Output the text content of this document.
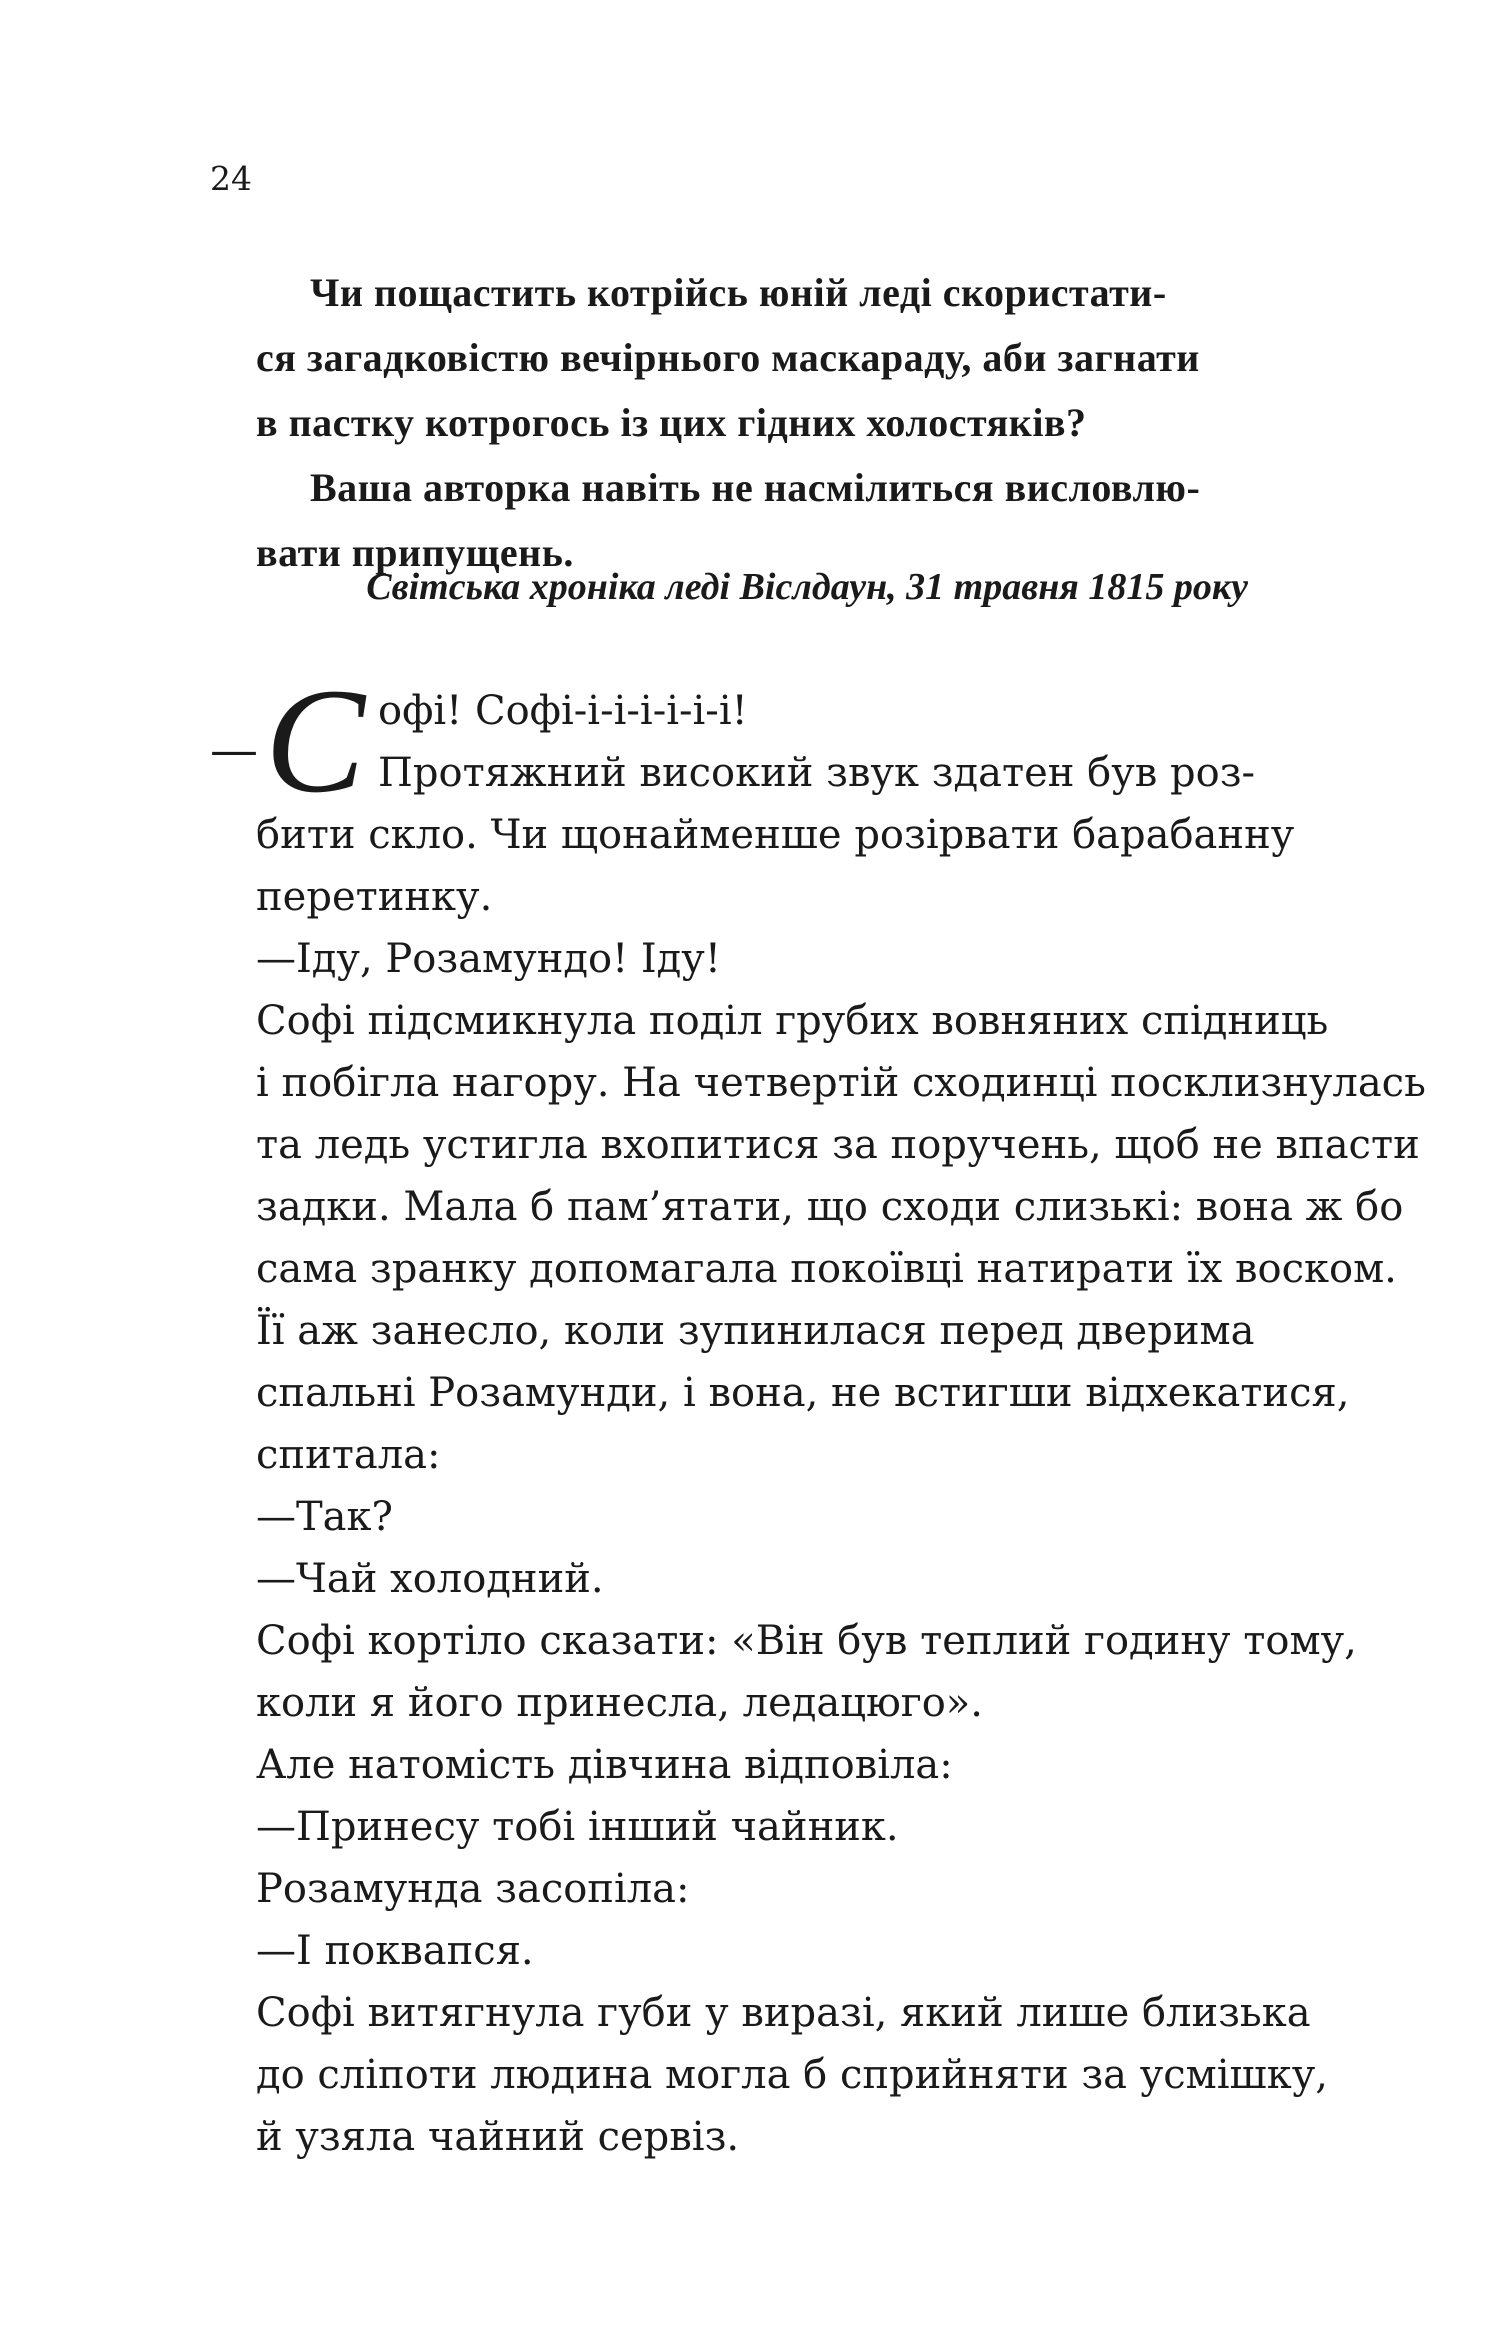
24
Чи пощастить котрійсь юній леді скористати-
ся загадковістю вечірнього маскараду, аби загнати
в пастку котрогось із цих гідних холостяків?
Ваша авторка навіть не насмілиться висловлю-
вати припущень.
Світська хроніка леді Віслдаун, 31 травня 1815 року
— С офі! Софі-і-і-і-і-і-і!
Протяжний високий звук здатен був роз-
бити скло. Чи щонайменше розірвати барабанну
перетинку.
—Іду, Розамундо! Іду!
Софі підсмикнула поділ грубих вовняних спідниць
і побігла нагору. На четвертій сходинці посклизнулась
та ледь устигла вхопитися за поручень, щоб не впасти
задки. Мала б пам’ятати, що сходи слизькі: вона ж бо
сама зранку допомагала покоївці натирати їх воском.
Її аж занесло, коли зупинилася перед дверима
спальні Розамунди, і вона, не встигши відхекатися,
спитала:
—Так?
—Чай холодний.
Софі кортіло сказати: «Він був теплий годину тому,
коли я його принесла, ледацюго».
Але натомість дівчина відповіла:
—Принесу тобі інший чайник.
Розамунда засопіла:
—І поквапся.
Софі витягнула губи у виразі, який лише близька
до сліпоти людина могла б сприйняти за усмішку,
й узяла чайний сервіз.
